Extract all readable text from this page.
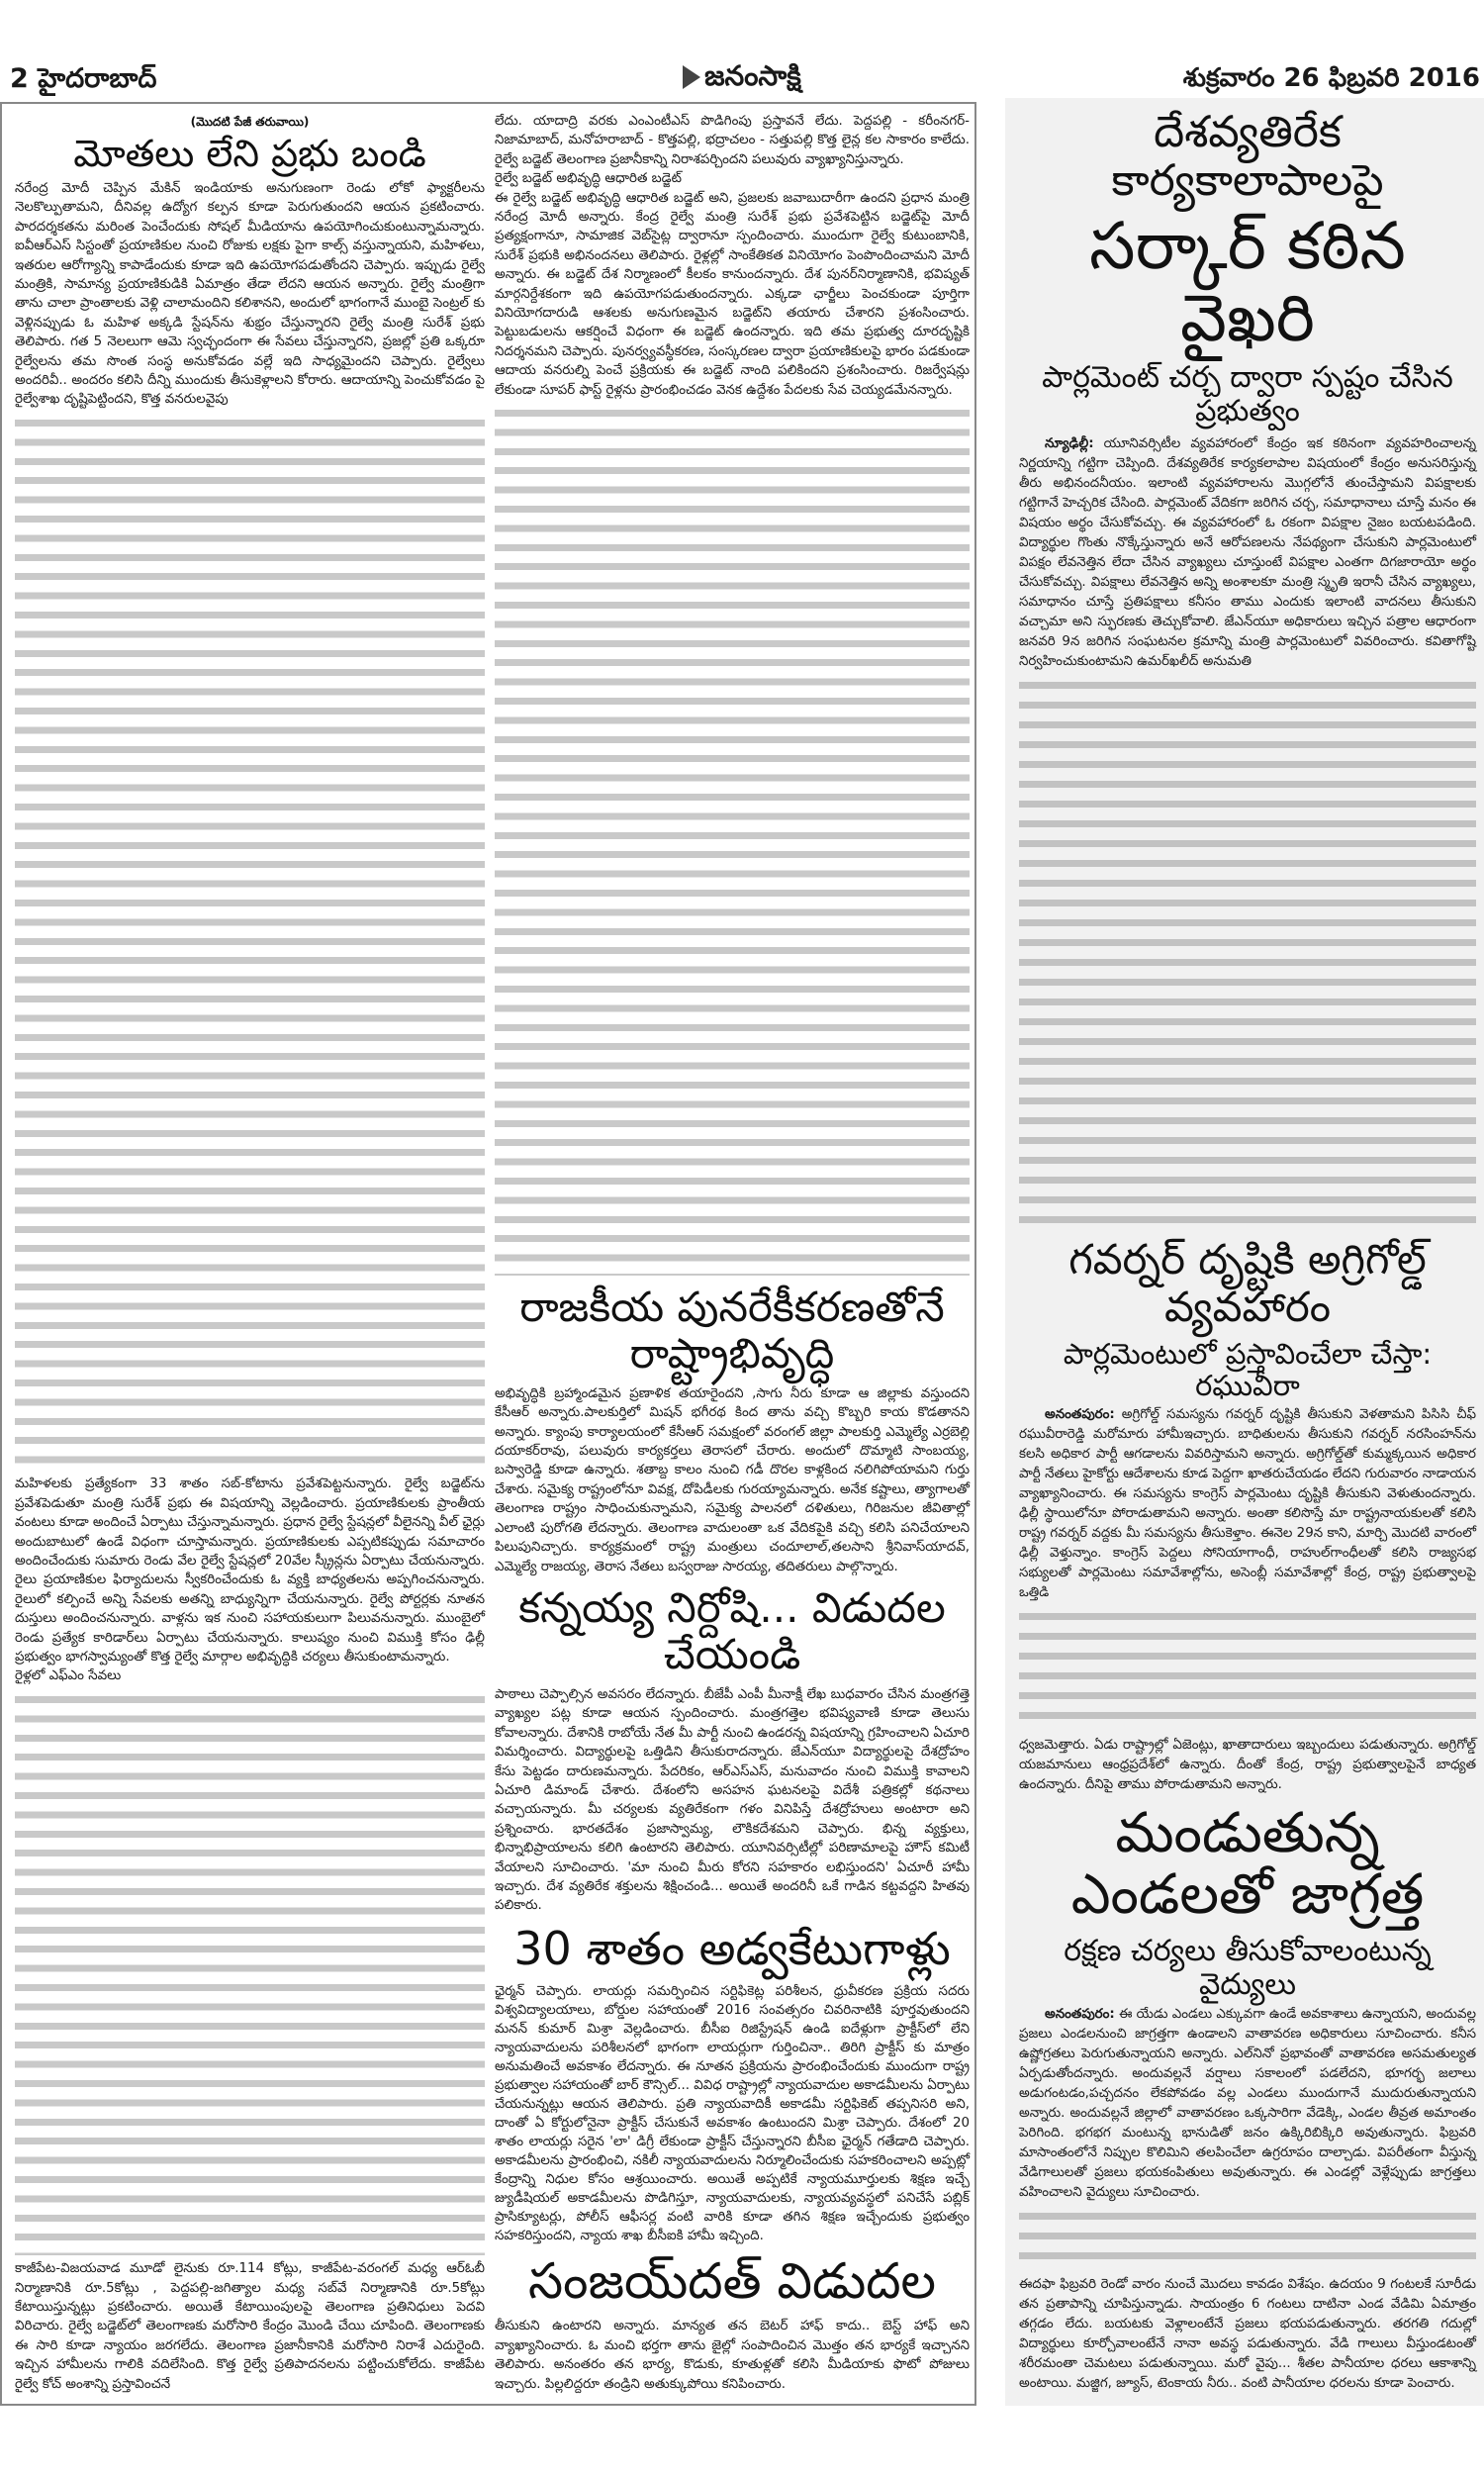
2 హైదరాబాద్	జనంసాక్షి	శుక్రవారం 26 ఫిబ్రవరి 2016
(మొదటి పేజీ తరువాయి)
మోతలు లేని ప్రభు బండి

నరేంద్ర మోదీ చెప్పిన మేకిన్ ఇండియాకు అనుగుణంగా రెండు లోకో ఫ్యాక్టరీలను నెలకొల్పుతామని, దీనివల్ల ఉద్యోగ కల్పన కూడా పెరుగుతుందని ఆయన ప్రకటించారు. పారదర్శకతను మరింత పెంచేందుకు సోషల్ మీడియాను ఉపయోగించుకుంటున్నామన్నారు. ఐవీఆర్ఎస్ సిస్టంతో ప్రయాణికుల నుంచి రోజుకు లక్షకు పైగా కాల్స్ వస్తున్నాయని, మహిళలు, ఇతరుల ఆరోగ్యాన్ని కాపాడేందుకు కూడా ఇది ఉపయోగపడుతోందని చెప్పారు. ఇప్పుడు రైల్వే మంత్రికి, సామాన్య ప్రయాణికుడికి ఏమాత్రం తేడా లేదని ఆయన అన్నారు. రైల్వే మంత్రిగా తాను చాలా ప్రాంతాలకు వెళ్లి చాలామందిని కలిశానని, అందులో భాగంగానే ముంబై సెంట్రల్ కు వెళ్లినప్పుడు ఓ మహిళ అక్కడి స్టేషన్‌ను శుభ్రం చేస్తున్నారని రైల్వే మంత్రి సురేశ్ ప్రభు తెలిపారు. గత 5 నెలలుగా ఆమె స్వచ్ఛందంగా ఈ సేవలు చేస్తున్నారని, ప్రజల్లో ప్రతి ఒక్కరూ రైల్వేలను తమ సొంత సంస్థ అనుకోవడం వల్లే ఇది సాధ్యమైందని చెప్పారు. రైల్వేలు అందరివీ.. అందరం కలిసి దీన్ని ముందుకు తీసుకెళ్లాలని కోరారు. ఆదాయాన్ని పెంచుకోవడం పై రైల్వేశాఖ దృష్టిపెట్టిందని, కొత్త వనరులవైపు

మహిళలకు ప్రత్యేకంగా 33 శాతం సబ్-కోటాను ప్రవేశపెట్టనున్నారు. రైల్వే బడ్జెట్‌ను ప్రవేశపెడుతూ మంత్రి సురేశ్ ప్రభు ఈ విషయాన్ని వెల్లడించారు. ప్రయాణికులకు ప్రాంతీయ వంటలు కూడా అందించే ఏర్పాటు చేస్తున్నామన్నారు. ప్రధాన రైల్వే స్టేషన్లలో వీలైనన్ని వీల్ ఛైర్లు అందుబాటులో ఉండే విధంగా చూస్తామన్నారు. ప్రయాణికులకు ఎప్పటికప్పుడు సమాచారం అందించేందుకు సుమారు రెండు వేల రైల్వే స్టేషన్లలో 20వేల స్క్రీన్లను ఏర్పాటు చేయనున్నారు. రైలు ప్రయాణికుల ఫిర్యాదులను స్వీకరించేందుకు ఓ వ్యక్తి బాధ్యతలను అప్పగించనున్నారు. రైలులో కల్పించే అన్ని సేవలకు అతన్ని బాధ్యున్నిగా చేయనున్నారు. రైల్వే పోర్టర్లకు నూతన దుస్తులు అందించనున్నారు. వాళ్లను ఇక నుంచి సహాయకులుగా పిలువనున్నారు. ముంబైలో రెండు ప్రత్యేక కారిడార్‌లు ఏర్పాటు చేయనున్నారు. కాలుష్యం నుంచి విముక్తి కోసం ఢిల్లీ ప్రభుత్వం భాగస్వామ్యంతో కొత్త రైల్వే మార్గాల అభివృద్ధికి చర్యలు తీసుకుంటామన్నారు.

రైళ్లలో ఎఫ్ఎం సేవలు

కాజీపేట-విజయవాడ మూడో లైనుకు రూ.114 కోట్లు, కాజీపేట-వరంగల్ మధ్య ఆర్ఓబీ నిర్మాణానికి రూ.5కోట్లు , పెద్దపల్లి-జగిత్యాల మధ్య సబ్‌వే నిర్మాణానికి రూ.5కోట్లు కేటాయిస్తున్నట్లు ప్రకటించారు. అయితే కేటాయింపులపై తెలంగాణ ప్రతినిధులు పెదవి విరిచారు. రైల్వే బడ్జెట్‌లో తెలంగాణకు మరోసారి కేంద్రం మొండి చేయి చూపింది. తెలంగాణకు ఈ సారి కూడా న్యాయం జరగలేదు. తెలంగాణ ప్రజానీకానికి మరోసారి నిరాశే ఎదురైంది. ఇచ్చిన హామీలను గాలికి వదిలేసింది. కొత్త రైల్వే ప్రతిపాదనలను పట్టించుకోలేదు. కాజీపేట రైల్వే కోచ్ అంశాన్ని ప్రస్తావించనే

లేదు. యాదాద్రి వరకు ఎంఎంటీఎస్ పొడిగింపు ప్రస్తావనే లేదు. పెద్దపల్లి - కరీంనగర్-నిజామాబాద్, మనోహరాబాద్ - కొత్తపల్లి, భద్రాచలం - సత్తుపల్లి కొత్త లైన్ల కల సాకారం కాలేదు. రైల్వే బడ్జెట్ తెలంగాణ ప్రజానీకాన్ని నిరాశపర్చిందని పలువురు వ్యాఖ్యానిస్తున్నారు.

రైల్వే బడ్జెట్ అభివృద్ధి ఆధారిత బడ్జెట్

ఈ రైల్వే బడ్జెట్ అభివృద్ధి ఆధారిత బడ్జెట్ అని, ప్రజలకు జవాబుదారీగా ఉందని ప్రధాన మంత్రి నరేంద్ర మోదీ అన్నారు. కేంద్ర రైల్వే మంత్రి సురేశ్ ప్రభు ప్రవేశపెట్టిన బడ్జెట్‌పై మోదీ ప్రత్యక్షంగానూ, సామాజిక వెబ్‌సైట్ల ద్వారానూ స్పందించారు. ముందుగా రైల్వే కుటుంబానికి, సురేశ్ ప్రభుకి అభినందనలు తెలిపారు. రైళ్లల్లో సాంకేతికత వినియోగం పెంపొందించామని మోదీ అన్నారు. ఈ బడ్జెట్ దేశ నిర్మాణంలో కీలకం కానుందన్నారు. దేశ పునర్‌నిర్మాణానికి, భవిష్యత్ మార్గనిర్దేశకంగా ఇది ఉపయోగపడుతుందన్నారు. ఎక్కడా ఛార్జీలు పెంచకుండా పూర్తిగా వినియోగదారుడి ఆశలకు అనుగుణమైన బడ్జెట్‌ని తయారు చేశారని ప్రశంసించారు. పెట్టుబడులను ఆకర్షించే విధంగా ఈ బడ్జెట్ ఉందన్నారు. ఇది తమ ప్రభుత్వ దూరదృష్టికి నిదర్శనమని చెప్పారు. పునర్వ్యవస్థీకరణ, సంస్కరణల ద్వారా ప్రయాణికులపై భారం పడకుండా ఆదాయ వనరుల్ని పెంచే ప్రక్రియకు ఈ బడ్జెట్ నాంది పలికిందని ప్రశంసించారు. రిజర్వేషన్లు లేకుండా సూపర్ ఫాస్ట్ రైళ్లను ప్రారంభించడం వెనక ఉద్దేశం పేదలకు సేవ చెయ్యడమేనన్నారు.

రాజకీయ పునరేకీకరణతోనే రాష్ట్రాభివృద్ధి

అభివృద్ధికి బ్రహ్మాండమైన ప్రణాళిక తయారైందని ,సాగు నీరు కూడా ఆ జిల్లాకు వస్తుందని కేసీఆర్ అన్నారు.పాలకుర్తిలో మిషన్ భగీరథ కింద తాను వచ్చి కొబ్బరి కాయ కొడతానని అన్నారు. క్యాంపు కార్యాలయంలో కేసీఆర్ సమక్షంలో వరంగల్ జిల్లా పాలకుర్తి ఎమ్మెల్యే ఎర్రబెల్లి దయాకర్‌రావు, పలువురు కార్యకర్తలు తెరాసలో చేరారు. అందులో దొమ్మాటి సాంబయ్య, బస్వారెడ్డి కూడా ఉన్నారు. శతాబ్ద కాలం నుంచి గడీ దొరల కాళ్లకింద నలిగిపోయామని గుర్తు చేశారు. సమైక్య రాష్ట్రంలోనూ వివక్ష, దోపిడీలకు గురయ్యామన్నారు. అనేక కష్టాలు, త్యాగాలతో తెలంగాణ రాష్ట్రం సాధించుకున్నామని, సమైక్య పాలనలో దళితులు, గిరిజనుల జీవితాల్లో ఎలాంటి పురోగతి లేదన్నారు. తెలంగాణ వాదులంతా ఒక వేదికపైకి వచ్చి కలిసి పనిచేయాలని పిలుపునిచ్చారు. కార్యక్రమంలో రాష్ట్ర మంత్రులు చందూలాల్,తలసాని శ్రీనివాస్‌యాదవ్, ఎమ్మెల్యే రాజయ్య, తెరాస నేతలు బస్వరాజు సారయ్య, తదితరులు పాల్గొన్నారు.

కన్నయ్య నిర్దోషి... విడుదల చేయండి

పాఠాలు చెప్పాల్సిన అవసరం లేదన్నారు. బీజేపీ ఎంపీ మీనాక్షీ లేఖ బుధవారం చేసిన మంత్రగత్తె వ్యాఖ్యల పట్ల కూడా ఆయన స్పందించారు. మంత్రగత్తెల భవిష్యవాణి కూడా తెలుసు కోవాలన్నారు. దేశానికి రాబోయే నేత మీ పార్టీ నుంచి ఉండరన్న విషయాన్ని గ్రహించాలని ఏచూరి విమర్శించారు. విద్యార్థులపై ఒత్తిడిని తీసుకురాదన్నారు. జేఎన్‌యూ విద్యార్థులపై దేశద్రోహం కేసు పెట్టడం దారుణమన్నారు. పేదరికం, ఆర్ఎస్ఎస్, మనువాదం నుంచి విముక్తి కావాలని ఏచూరి డిమాండ్ చేశారు. దేశంలోని అసహన ఘటనలపై విదేశీ పత్రికల్లో కథనాలు వచ్చాయన్నారు. మీ చర్యలకు వ్యతిరేకంగా గళం వినిపిస్తే దేశద్రోహులు అంటారా అని ప్రశ్నించారు. భారతదేశం ప్రజాస్వామ్య, లౌకికదేశమని చెప్పారు. భిన్న వ్యక్తులు, భిన్నాభిప్రాయాలను కలిగి ఉంటారని తెలిపారు. యూనివర్సిటీల్లో పరిణామాలపై హౌస్ కమిటీ వేయాలని సూచించారు. 'మా నుంచి మీరు కోరని సహకారం లభిస్తుందని' ఏచూరీ హామీ ఇచ్చారు. దేశ వ్యతిరేక శక్తులను శిక్షించండి... అయితే అందరినీ ఒకే గాడిన కట్టవద్దని హితవు పలికారు.

30 శాతం అడ్వకేటుగాళ్లు

ఛైర్మన్ చెప్పారు. లాయర్లు సమర్పించిన సర్టిఫికెట్ల పరిశీలన, ధ్రువీకరణ ప్రక్రియ సదరు విశ్వవిద్యాలయాలు, బోర్డుల సహాయంతో 2016 సంవత్సరం చివరినాటికి పూర్తవుతుందని మనన్ కుమార్ మిశ్రా వెల్లడించారు. బీసీఐ రిజిస్ట్రేషన్ ఉండి ఐదేళ్లుగా ప్రాక్టీస్‌లో లేని న్యాయవాదులను పరిశీలనలో భాగంగా లాయర్లుగా గుర్తించినా.. తిరిగి ప్రాక్టీస్ కు మాత్రం అనుమతించే అవకాశం లేదన్నారు. ఈ నూతన ప్రక్రియను ప్రారంభించేందుకు ముందుగా రాష్ట్ర ప్రభుత్వాల సహాయంతో బార్ కౌన్సిల్... వివిధ రాష్ట్రాల్లో న్యాయవాదుల అకాడమీలను ఏర్పాటు చేయనున్నట్లు ఆయన తెలిపారు. ప్రతి న్యాయవాదికీ అకాడమీ సర్టిఫికెట్ తప్పనిసరి అని, దాంతో ఏ కోర్టులోనైనా ప్రాక్టీస్ చేసుకునే అవకాశం ఉంటుందని మిశ్రా చెప్పారు. దేశంలో 20 శాతం లాయర్లు సరైన 'లా' డిగ్రీ లేకుండా ప్రాక్టీస్ చేస్తున్నారని బీసీఐ ఛైర్మన్ గతేడాది చెప్పారు. అకాడమీలను ప్రారంభించి, నకిలీ న్యాయవాదులను నిర్మూలించేందుకు సహకరించాలని అప్పట్లో కేంద్రాన్ని నిధుల కోసం ఆశ్రయించారు. అయితే అప్పటికే న్యాయమూర్తులకు శిక్షణ ఇచ్చే జ్యుడీషియల్ అకాడమీలను పొడిగిస్తూ, న్యాయవాదులకు, న్యాయవ్యవస్థలో పనిచేసే పబ్లిక్ ప్రాసిక్యూటర్లు, పోలీస్ ఆఫీసర్ల వంటి వారికి కూడా తగిన శిక్షణ ఇచ్చేందుకు ప్రభుత్వం సహకరిస్తుందని, న్యాయ శాఖ బీసీఐకి హామీ ఇచ్చింది.

సంజయ్‌దత్ విడుదల

తీసుకుని ఉంటారని అన్నారు. మాన్యత తన బెటర్ హాఫ్ కాదు.. బెస్ట్ హాఫ్ అని వ్యాఖ్యానించారు. ఓ మంచి భర్తగా తాను జైల్లో సంపాదించిన మొత్తం తన భార్యకే ఇచ్చానని తెలిపారు. అనంతరం తన భార్య, కొడుకు, కూతుళ్లతో కలిసి మీడియాకు ఫొటో పోజులు ఇచ్చారు. పిల్లలిద్దరూ తండ్రిని అతుక్కుపోయి కనిపించారు.

దేశవ్యతిరేక కార్యకాలాపాలపై
సర్కార్ కఠిన వైఖరి
పార్లమెంట్ చర్చ ద్వారా స్పష్టం చేసిన ప్రభుత్వం
న్యూఢిల్లీ: యూనివర్సిటీల వ్యవహారంలో కేంద్రం ఇక కఠినంగా వ్యవహరించాలన్న నిర్ణయాన్ని గట్టిగా చెప్పింది. దేశవ్యతిరేక కార్యకలాపాల విషయంలో కేంద్రం అనుసరిస్తున్న తీరు అభినందనీయం. ఇలాంటి వ్యవహారాలను మొగ్గలోనే తుంచేస్తామని విపక్షాలకు గట్టిగానే హెచ్చరిక చేసింది. పార్లమెంట్ వేదికగా జరిగిన చర్చ, సమాధానాలు చూస్తే మనం ఈ విషయం అర్థం చేసుకోవచ్చు. ఈ వ్యవహారంలో ఓ రకంగా విపక్షాల నైజం బయటపడింది. విద్యార్థుల గొంతు నొక్కేస్తున్నారు అనే ఆరోపణలను నేపథ్యంగా చేసుకుని పార్లమెంటులో విపక్షం లేవనెత్తిన లేదా చేసిన వ్యాఖ్యలు చూస్తుంటే విపక్షాల ఎంతగా దిగజారాయో అర్థం చేసుకోవచ్చు. విపక్షాలు లేవనెత్తిన అన్ని అంశాలకూ మంత్రి స్మృతి ఇరానీ చేసిన వ్యాఖ్యలు, సమాధానం చూస్తే ప్రతిపక్షాలు కనీసం తాము ఎందుకు ఇలాంటి వాదనలు తీసుకుని వచ్చామా అని స్ఫురణకు తెచ్చుకోవాలి. జేఎన్‌యూ అధికారులు ఇచ్చిన పత్రాల ఆధారంగా జనవరి 9న జరిగిన సంఘటనల క్రమాన్ని మంత్రి పార్లమెంటులో వివరించారు. కవితాగోష్టి నిర్వహించుకుంటామని ఉమర్‌ఖలీద్ అనుమతి
గవర్నర్ దృష్టికి అగ్రిగోల్డ్ వ్యవహారం
పార్లమెంటులో ప్రస్తావించేలా చేస్తా: రఘువీరా
అనంతపురం: అగ్రిగోల్డ్ సమస్యను గవర్నర్ దృష్టికి తీసుకుని వెళతామని పిసిసి చీఫ్ రఘువీరారెడ్డి మరోమారు హామీఇచ్చారు. బాధితులను తీసుకుని గవర్నర్ నరసింహన్‌ను కలసి అధికార పార్టీ ఆగడాలను వివరిస్తామని అన్నారు. అగ్రిగోల్డ్‌తో కుమ్మక్కయిన అధికార పార్టీ నేతలు హైకోర్టు ఆదేశాలను కూడ పెద్దగా ఖాతరుచేయడం లేదని గురువారం నాడాయన వ్యాఖ్యానించారు. ఈ సమస్యను కాంగ్రెస్ పార్లమెంటు దృష్టికి తీసుకుని వెళుతుందన్నారు. ఢిల్లీ స్థాయిలోనూ పోరాడుతామని అన్నారు. అంతా కలిసొస్తే మా రాష్ట్రనాయకులతో కలిసి రాష్ట్ర గవర్నర్ వద్దకు మీ సమస్యను తీసుకెళ్తాం. ఈనెల 29న కాని, మార్చి మొదటి వారంలో ఢిల్లీ వెళ్తున్నాం. కాంగ్రెస్ పెద్దలు సోనియాగాంధీ, రాహుల్‌గాంధీలతో కలిసి రాజ్యసభ సభ్యులతో పార్లమెంటు సమావేశాల్లోను, అసెంబ్లీ సమావేశాల్లో కేంద్ర, రాష్ట్ర ప్రభుత్వాలపై ఒత్తిడి
ధ్వజమెత్తారు. ఏడు రాష్ట్రాల్లో ఏజెంట్లు, ఖాతాదారులు ఇబ్బందులు పడుతున్నారు. అగ్రిగోల్డ్ యజమానులు ఆంధ్రప్రదేశ్‌లో ఉన్నారు. దీంతో కేంద్ర, రాష్ట్ర ప్రభుత్వాలపైనే బాధ్యత ఉందన్నారు. దీనిపై తాము పోరాడుతామని అన్నారు.
మండుతున్న ఎండలతో జాగ్రత్త
రక్షణ చర్యలు తీసుకోవాలంటున్న వైద్యులు
అనంతపురం: ఈ యేడు ఎండలు ఎక్కువగా ఉండే అవకాశాలు ఉన్నాయని, అందువల్ల ప్రజలు ఎండలనుంచి జాగ్రత్తగా ఉండాలని వాతావరణ అధికారులు సూచించారు. కనీస ఉష్ణోగ్రతలు పెరుగుతున్నాయని అన్నారు. ఎల్‌నినో ప్రభావంతో వాతావరణ అసమతుల్యత ఏర్పడుతోందన్నారు. అందువల్లనే వర్షాలు సకాలంలో పడలేదని, భూగర్భ జలాలు అడుగంటడం,పచ్చదనం లేకపోవడం వల్ల ఎండలు ముందుగానే ముదురుతున్నాయని అన్నారు. అందువల్లనే జిల్లాలో వాతావరణం ఒక్కసారిగా వేడెక్కి, ఎండల తీవ్రత అమాంతం పెరిగింది. భగభగ మంటున్న భానుడితో జనం ఉక్కిరిబిక్కిరి అవుతున్నారు. ఫిబ్రవరి మాసాంతంలోనే నిప్పుల కొలిమిని తలపించేలా ఉగ్రరూపం దాల్చాడు. విపరీతంగా వీస్తున్న వేడిగాలులతో ప్రజలు భయకంపితులు అవుతున్నారు. ఈ ఎండల్లో వెళ్లేప్పుడు జాగ్రత్తలు వహించాలని వైద్యులు సూచించారు.
ఈదఫా ఫిబ్రవరి రెండో వారం నుంచే మొదలు కావడం విశేషం. ఉదయం 9 గంటలకే సూరీడు తన ప్రతాపాన్ని చూపిస్తున్నాడు. సాయంత్రం 6 గంటలు దాటినా ఎండ వేడిమి ఏమాత్రం తగ్గడం లేదు. బయటకు వెళ్లాలంటేనే ప్రజలు భయపడుతున్నారు. తరగతి గదుల్లో విద్యార్థులు కూర్చోవాలంటేనే నానా అవస్థ పడుతున్నారు. వేడి గాలులు వీస్తుండటంతో శరీరమంతా చెమటలు పడుతున్నాయి. మరో వైపు... శీతల పానీయాల ధరలు ఆకాశాన్ని అంటాయి. మజ్జిగ, జ్యూస్, టెంకాయ నీరు.. వంటి పానీయాల ధరలను కూడా పెంచారు.
